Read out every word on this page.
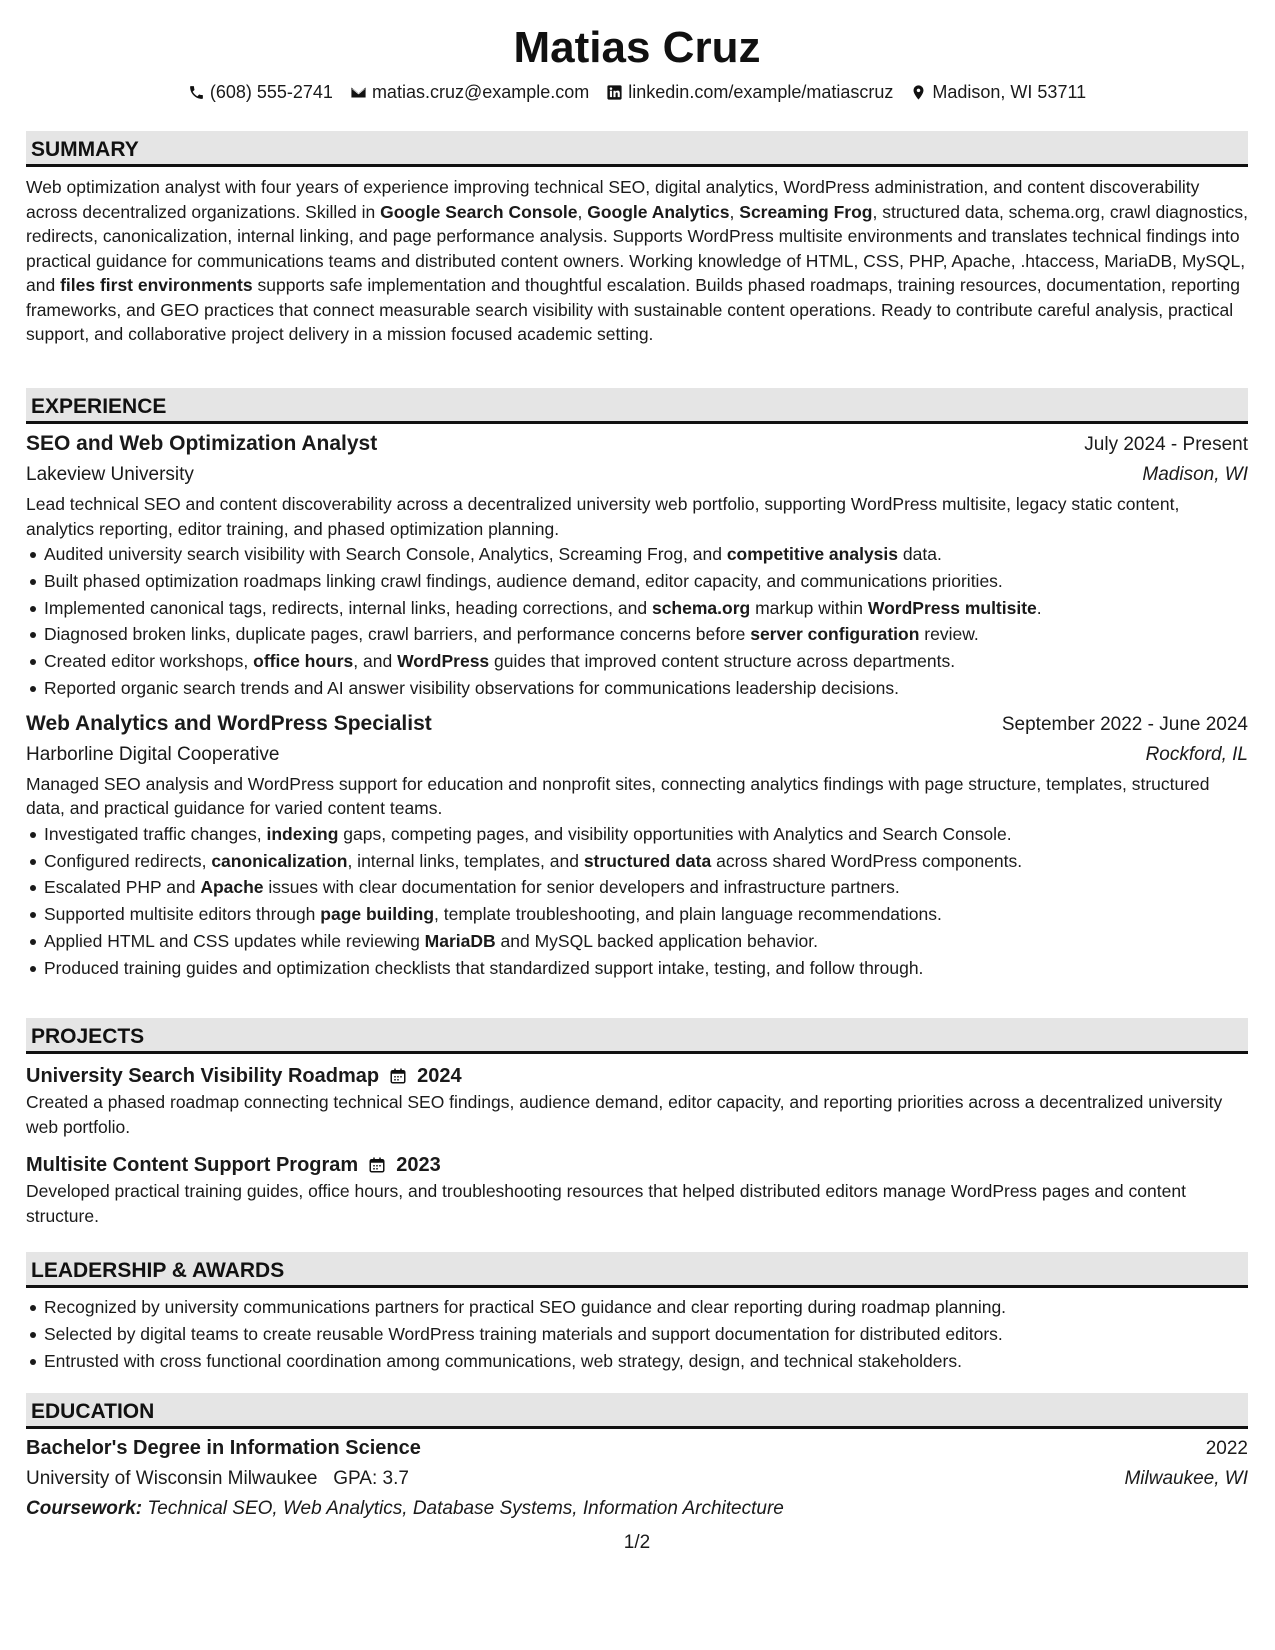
Matias Cruz
(608) 555-2741 matias.cruz@example.com linkedin.com/example/matiascruz Madison, WI 53711
SUMMARY

Web optimization analyst with four years of experience improving technical SEO, digital analytics, WordPress administration, and content discoverability across decentralized organizations. Skilled in Google Search Console, Google Analytics, Screaming Frog, structured data, schema.org, crawl diagnostics, redirects, canonicalization, internal linking, and page performance analysis. Supports WordPress multisite environments and translates technical findings into practical guidance for communications teams and distributed content owners. Working knowledge of HTML, CSS, PHP, Apache, .htaccess, MariaDB, MySQL, and files first environments supports safe implementation and thoughtful escalation. Builds phased roadmaps, training resources, documentation, reporting frameworks, and GEO practices that connect measurable search visibility with sustainable content operations. Ready to contribute careful analysis, practical support, and collaborative project delivery in a mission focused academic setting.

EXPERIENCE
SEO and Web Optimization Analyst	July 2024 - Present
Lakeview University	Madison, WI

Lead technical SEO and content discoverability across a decentralized university web portfolio, supporting WordPress multisite, legacy static content, analytics reporting, editor training, and phased optimization planning.

Audited university search visibility with Search Console, Analytics, Screaming Frog, and competitive analysis data.
Built phased optimization roadmaps linking crawl findings, audience demand, editor capacity, and communications priorities.
Implemented canonical tags, redirects, internal links, heading corrections, and schema.org markup within WordPress multisite.
Diagnosed broken links, duplicate pages, crawl barriers, and performance concerns before server configuration review.
Created editor workshops, office hours, and WordPress guides that improved content structure across departments.
Reported organic search trends and AI answer visibility observations for communications leadership decisions.
Web Analytics and WordPress Specialist	September 2022 - June 2024
Harborline Digital Cooperative	Rockford, IL

Managed SEO analysis and WordPress support for education and nonprofit sites, connecting analytics findings with page structure, templates, structured data, and practical guidance for varied content teams.

Investigated traffic changes, indexing gaps, competing pages, and visibility opportunities with Analytics and Search Console.
Configured redirects, canonicalization, internal links, templates, and structured data across shared WordPress components.
Escalated PHP and Apache issues with clear documentation for senior developers and infrastructure partners.
Supported multisite editors through page building, template troubleshooting, and plain language recommendations.
Applied HTML and CSS updates while reviewing MariaDB and MySQL backed application behavior.
Produced training guides and optimization checklists that standardized support intake, testing, and follow through.
PROJECTS
University Search Visibility Roadmap 2024

Created a phased roadmap connecting technical SEO findings, audience demand, editor capacity, and reporting priorities across a decentralized university web portfolio.

Multisite Content Support Program 2023

Developed practical training guides, office hours, and troubleshooting resources that helped distributed editors manage WordPress pages and content structure.

LEADERSHIP & AWARDS
Recognized by university communications partners for practical SEO guidance and clear reporting during roadmap planning.
Selected by digital teams to create reusable WordPress training materials and support documentation for distributed editors.
Entrusted with cross functional coordination among communications, web strategy, design, and technical stakeholders.
EDUCATION
Bachelor's Degree in Information Science	2022
University of Wisconsin Milwaukee GPA: 3.7	Milwaukee, WI
Coursework: Technical SEO, Web Analytics, Database Systems, Information Architecture
1/2
